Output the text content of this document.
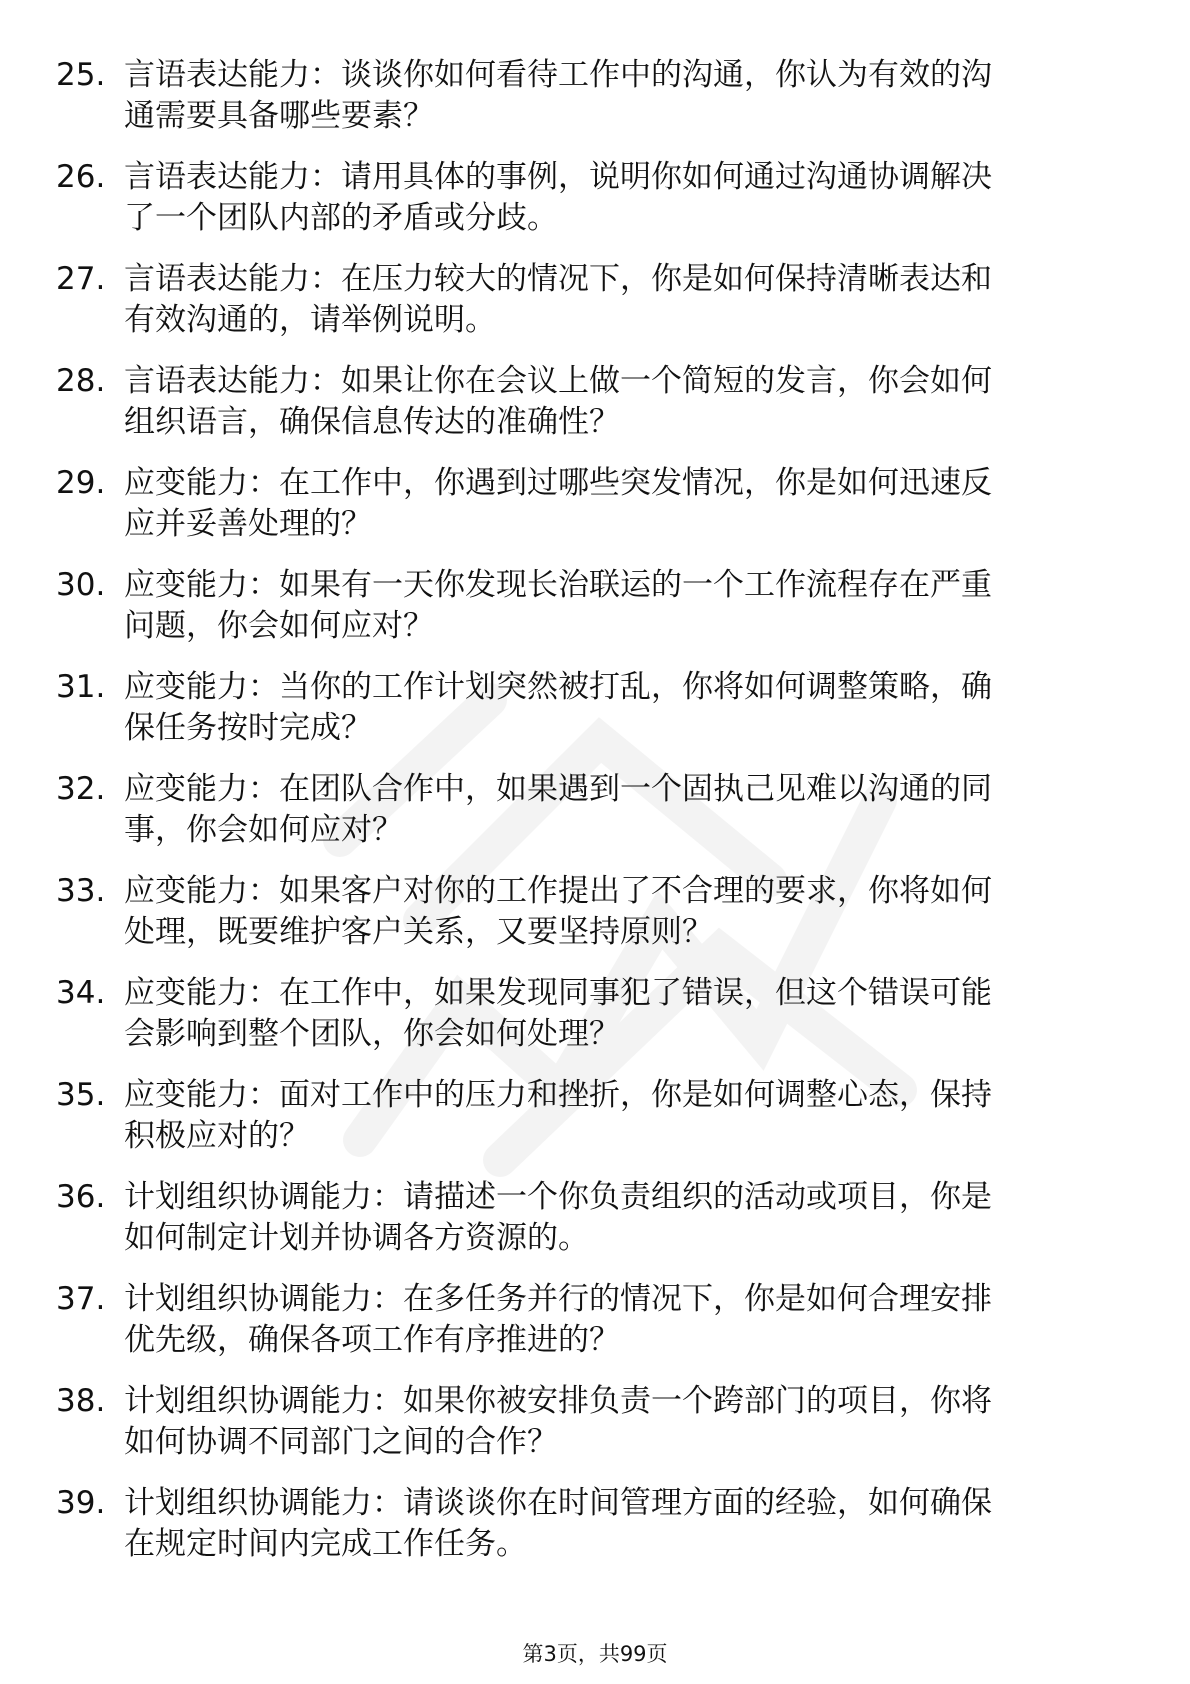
25. 言语表达能力：谈谈你如何看待工作中的沟通，你认为有效的沟
通需要具备哪些要素？
26. 言语表达能力：请用具体的事例，说明你如何通过沟通协调解决
了一个团队内部的矛盾或分歧。
27. 言语表达能力：在压力较大的情况下，你是如何保持清晰表达和
有效沟通的，请举例说明。
28. 言语表达能力：如果让你在会议上做一个简短的发言，你会如何
组织语言，确保信息传达的准确性？
29. 应变能力：在工作中，你遇到过哪些突发情况，你是如何迅速反
应并妥善处理的？
30. 应变能力：如果有一天你发现长治联运的一个工作流程存在严重
问题，你会如何应对？
31. 应变能力：当你的工作计划突然被打乱，你将如何调整策略，确
保任务按时完成？
32. 应变能力：在团队合作中，如果遇到一个固执己见难以沟通的同
事，你会如何应对？
33. 应变能力：如果客户对你的工作提出了不合理的要求，你将如何
处理，既要维护客户关系，又要坚持原则？
34. 应变能力：在工作中，如果发现同事犯了错误，但这个错误可能
会影响到整个团队，你会如何处理？
35. 应变能力：面对工作中的压力和挫折，你是如何调整心态，保持
积极应对的？
36. 计划组织协调能力：请描述一个你负责组织的活动或项目，你是
如何制定计划并协调各方资源的。
37. 计划组织协调能力：在多任务并行的情况下，你是如何合理安排
优先级，确保各项工作有序推进的？
38. 计划组织协调能力：如果你被安排负责一个跨部门的项目，你将
如何协调不同部门之间的合作？
39. 计划组织协调能力：请谈谈你在时间管理方面的经验，如何确保
在规定时间内完成工作任务。
第3页，共99页
